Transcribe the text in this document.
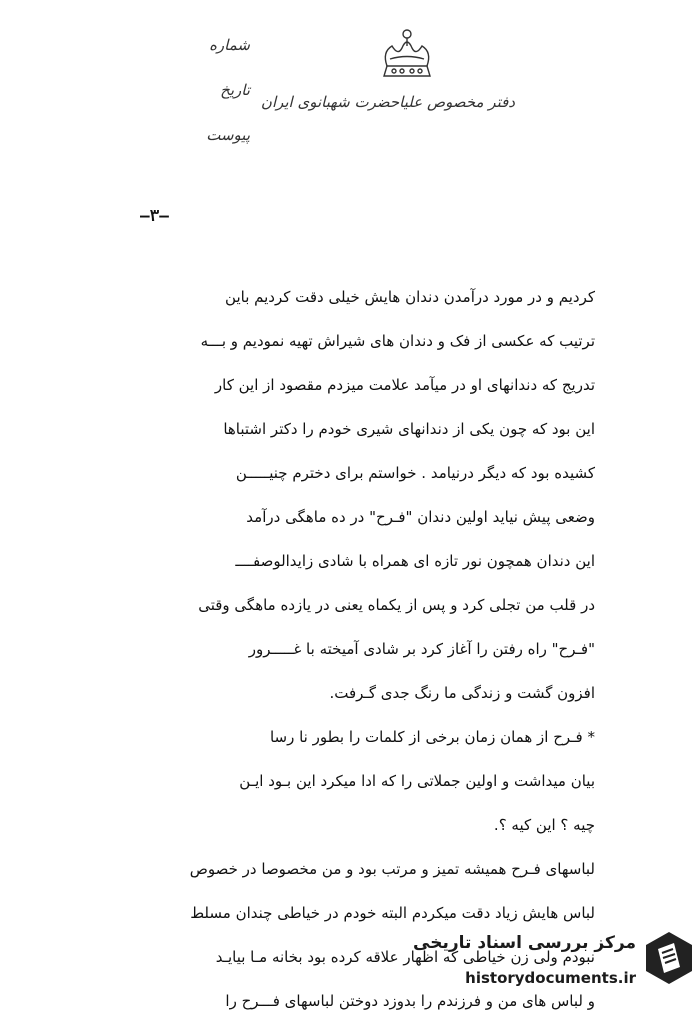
شماره
تاریخ
پیوست
دفتر مخصوص علیاحضرت شهبانوی ایران
—۳—
کردیم و در مورد درآمدن دندان هایش خیلی دقت کردیم باین
ترتیب که عکسی از فک و دندان های شیراش تهیه نمودیم و بـــه
تدریج که دندانهای او در میآمد علامت میزدم مقصود از این کار
این بود که چون یکی از دندانهای شیری خودم را دکتر اشتباها
کشیده بود که دیگر درنیامد . خواستم برای دخترم چنیـــــن
وضعی پیش نیاید اولین دندان "فـرح" در ده ماهگی درآمد
این دندان همچون نور تازه ای همراه با شادی زایدالوصفــــ
در قلب من تجلی کرد و پس از یکماه یعنی در یازده ماهگی وقتی
"فـرح" راه رفتن را آغاز کرد بر شادی آمیخته با غـــــرور
افزون گشت و زندگی ما رنگ جدی گـرفت.
* فـرح از همان زمان برخی از کلمات را بطور نا رسا
بیان میداشت و اولین جملاتی را که ادا میکرد این بـود ایـن
چیه ؟ این کیه ؟.
لباسهای فـرح همیشه تمیز و مرتب بود و من مخصوصا در خصوص
لباس هایش زیاد دقت میکردم البته خودم در خیاطی چندان مسلط
نبودم ولی زن خیاطی که اظهار علاقه کرده بود بخانه مـا بیایـد
و لباس های من و فرزندم را بدوزد دوختن لباسهای فـــرح را
مرکز بررسی اسناد تاریخی
historydocuments.ir
